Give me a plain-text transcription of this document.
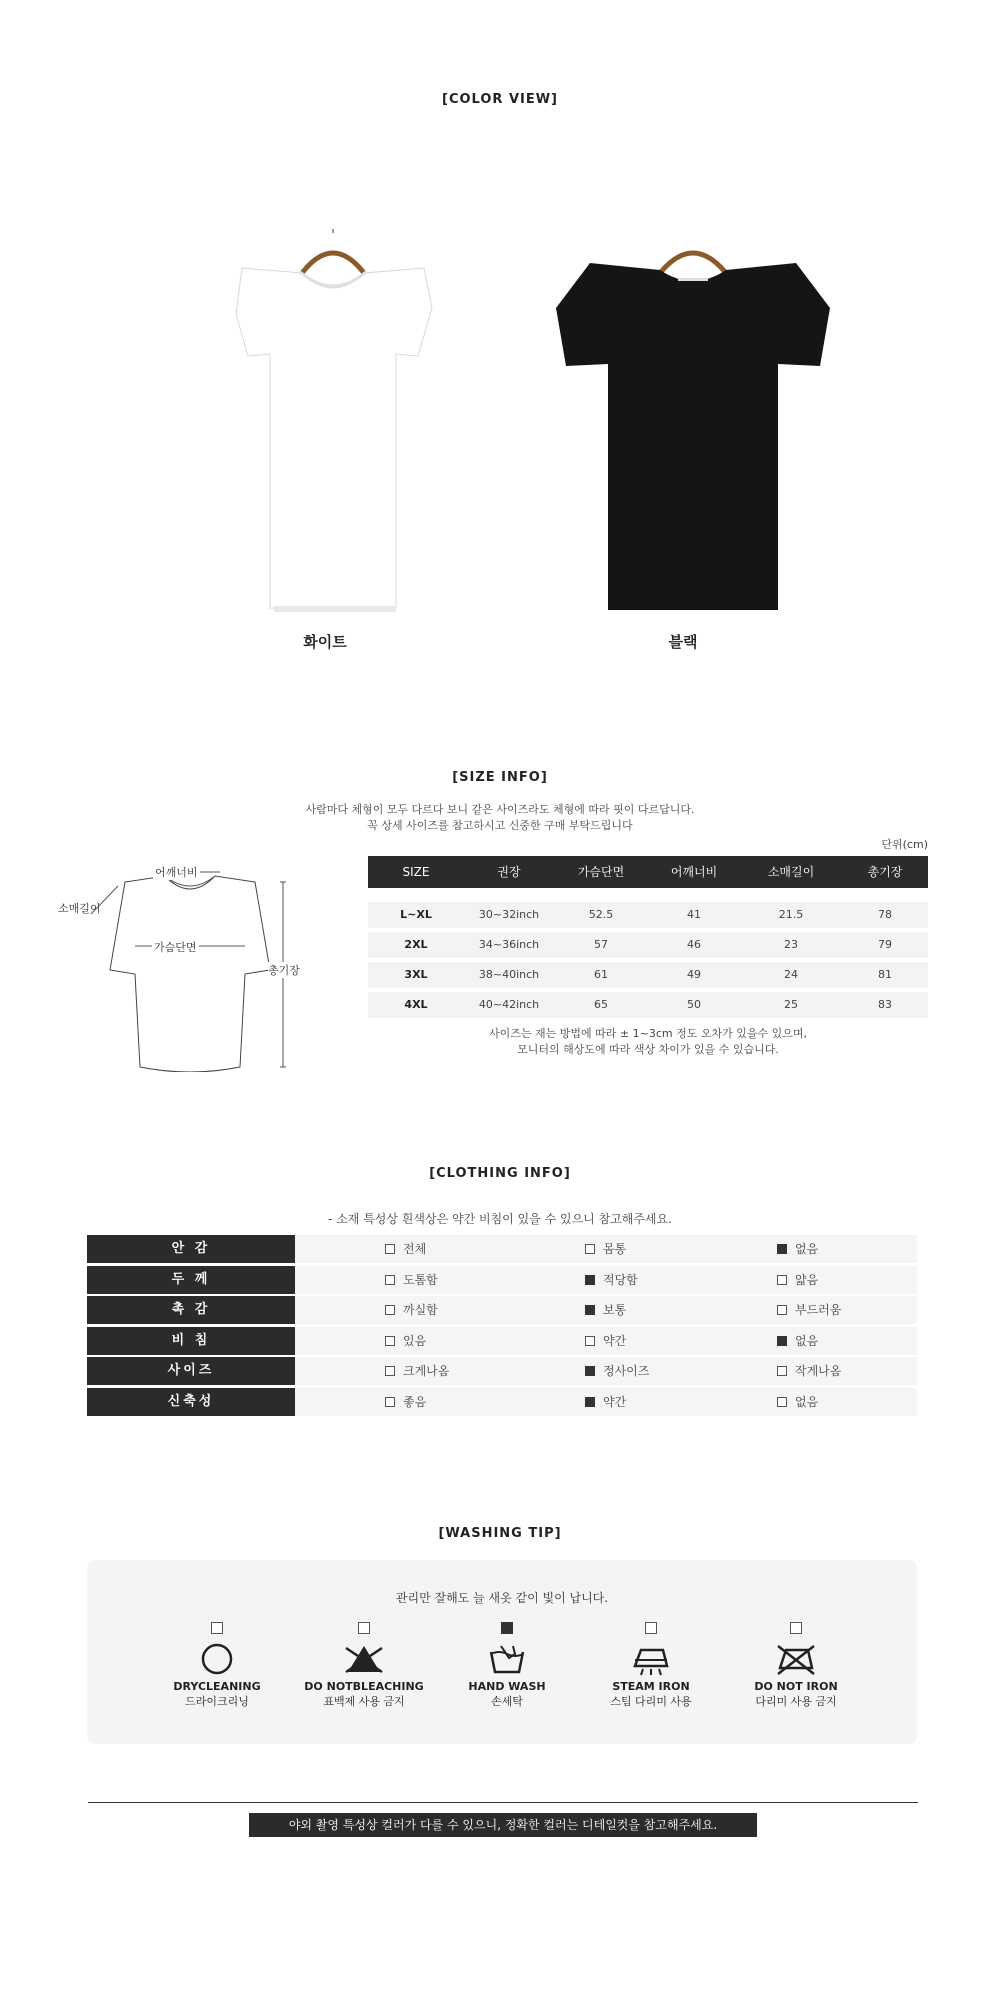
[COLOR VIEW]
화이트	블랙
[SIZE INFO]
사람마다 체형이 모두 다르다 보니 같은 사이즈라도 체형에 따라 핏이 다르답니다.
꼭 상세 사이즈를 참고하시고 신중한 구매 부탁드립니다
단위(cm)
어깨너비
소매길이
가슴단면
총기장
SIZE	권장	가슴단면	어깨너비	소매길이	총기장
L~XL	30~32inch	52.5	41	21.5	78
2XL	34~36inch	57	46	23	79
3XL	38~40inch	61	49	24	81
4XL	40~42inch	65	50	25	83
사이즈는 재는 방법에 따라 ± 1~3cm 정도 오차가 있을수 있으며,
모니터의 해상도에 따라 색상 차이가 있을 수 있습니다.
[CLOTHING INFO]
- 소재 특성상 흰색상은 약간 비침이 있을 수 있으니 참고해주세요.
안 감	전체	몸통	없음
두 께	도톰함	적당함	얇음
촉 감	까실함	보통	부드러움
비 침	있음	약간	없음
사이즈	크게나옴	정사이즈	작게나옴
신축성	좋음	약간	없음
[WASHING TIP]
관리만 잘해도 늘 새옷 같이 빛이 납니다.
DRYCLEANING
드라이크리닝
DO NOTBLEACHING
표백제 사용 금지
HAND WASH
손세탁
STEAM IRON
스팀 다리미 사용
DO NOT IRON
다리미 사용 금지
야외 촬영 특성상 컬러가 다를 수 있으니, 정확한 컬러는 디테일컷을 참고해주세요.
